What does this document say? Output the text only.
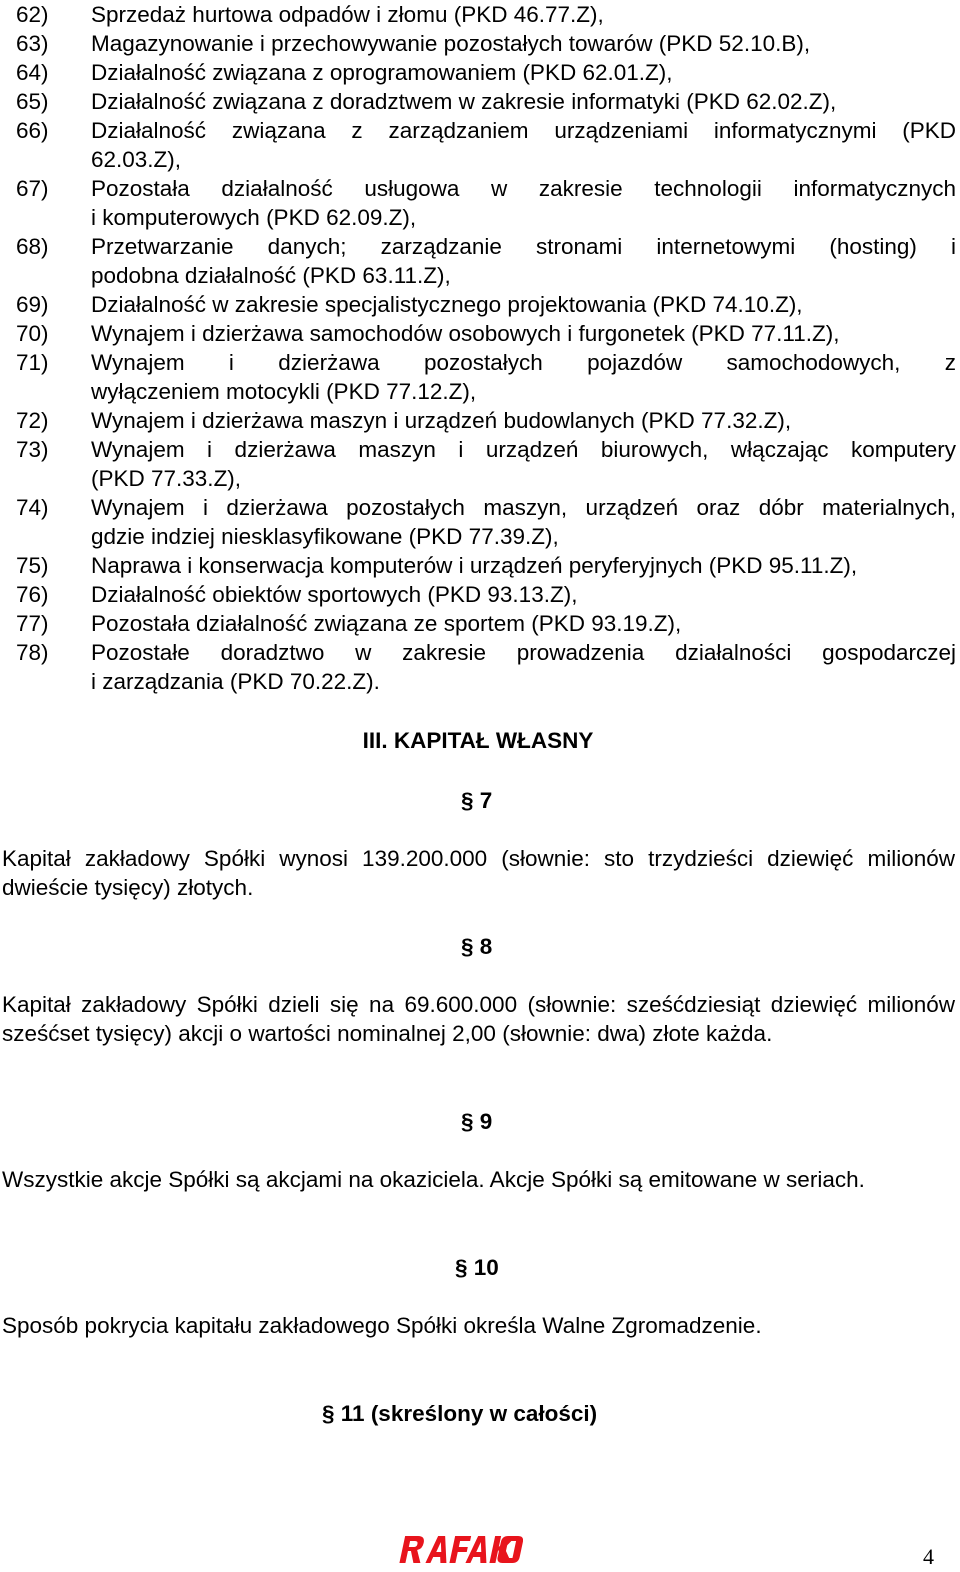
62) Sprzedaż hurtowa odpadów i złomu (PKD 46.77.Z),
63) Magazynowanie i przechowywanie pozostałych towarów (PKD 52.10.B),
64) Działalność związana z oprogramowaniem (PKD 62.01.Z),
65) Działalność związana z doradztwem w zakresie informatyki (PKD 62.02.Z),
66) Działalność związana z zarządzaniem urządzeniami informatycznymi (PKD
62.03.Z),
67) Pozostała działalność usługowa w zakresie technologii informatycznych
i komputerowych (PKD 62.09.Z),
68) Przetwarzanie danych; zarządzanie stronami internetowymi (hosting) i
podobna działalność (PKD 63.11.Z),
69) Działalność w zakresie specjalistycznego projektowania (PKD 74.10.Z),
70) Wynajem i dzierżawa samochodów osobowych i furgonetek (PKD 77.11.Z),
71) Wynajem i dzierżawa pozostałych pojazdów samochodowych, z
wyłączeniem motocykli (PKD 77.12.Z),
72) Wynajem i dzierżawa maszyn i urządzeń budowlanych (PKD 77.32.Z),
73) Wynajem i dzierżawa maszyn i urządzeń biurowych, włączając komputery
(PKD 77.33.Z),
74) Wynajem i dzierżawa pozostałych maszyn, urządzeń oraz dóbr materialnych,
gdzie indziej niesklasyfikowane (PKD 77.39.Z),
75) Naprawa i konserwacja komputerów i urządzeń peryferyjnych (PKD 95.11.Z),
76) Działalność obiektów sportowych (PKD 93.13.Z),
77) Pozostała działalność związana ze sportem (PKD 93.19.Z),
78) Pozostałe doradztwo w zakresie prowadzenia działalności gospodarczej
i zarządzania (PKD 70.22.Z).
III. KAPITAŁ WŁASNY
§ 7
Kapitał zakładowy Spółki wynosi 139.200.000 (słownie: sto trzydzieści dziewięć milionów dwieście tysięcy) złotych.
§ 8
Kapitał zakładowy Spółki dzieli się na 69.600.000 (słownie: sześćdziesiąt dziewięć milionów sześćset tysięcy) akcji o wartości nominalnej 2,00 (słownie: dwa) złote każda.
§ 9
Wszystkie akcje Spółki są akcjami na okaziciela. Akcje Spółki są emitowane w seriach.
§ 10
Sposób pokrycia kapitału zakładowego Spółki określa Walne Zgromadzenie.
§ 11 (skreślony w całości)
4
